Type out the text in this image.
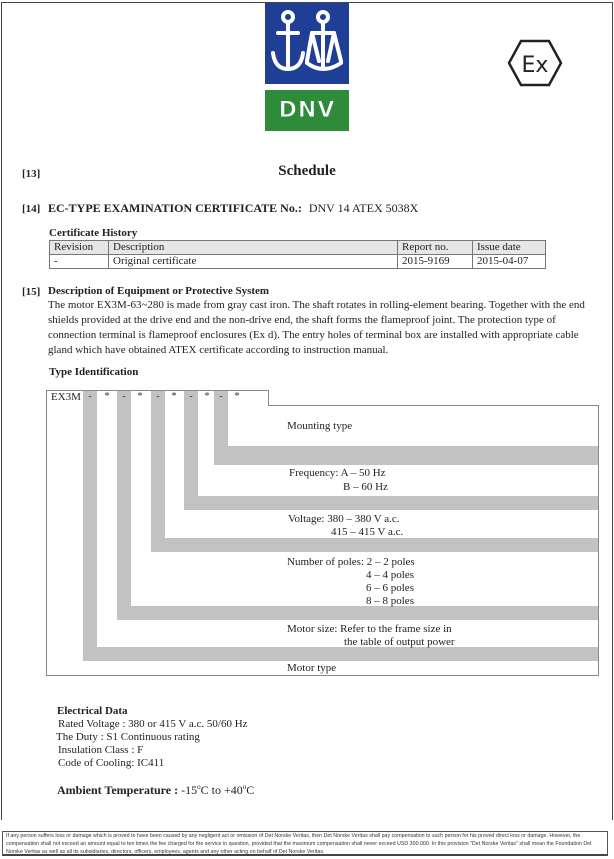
DNV
Ex
[13]	Schedule
[14] EC-TYPE EXAMINATION CERTIFICATE No.: DNV 14 ATEX 5038X
Certificate History
Revision	Description	Report no.	Issue date
-	Original certificate	2015-9169	2015-04-07
[15] Description of Equipment or Protective System
The motor EX3M-63~280 is made from gray cast iron. The shaft rotates in rolling-element bearing. Together with the end shields provided at the drive end and the non-drive end, the shaft forms the flameproof joint. The protection type of connection terminal is flameproof enclosures (Ex d). The entry holes of terminal box are installed with appropriate cable gland which have obtained ATEX certificate according to instruction manual.
Type Identification
EX3M -	*	-	*	-	*	-	* -	*
Mounting type
Frequency: A – 50 Hz
B – 60 Hz
Voltage: 380 – 380 V a.c.
415 – 415 V a.c.
Number of poles: 2 – 2 poles
4 – 4 poles
6 – 6 poles
8 – 8 poles
Motor size: Refer to the frame size in
the table of output power
Motor type
Electrical Data
Rated Voltage : 380 or 415 V a.c. 50/60 Hz
The Duty : S1 Continuous rating
Insulation Class : F
Code of Cooling: IC411
Ambient Temperature : -15$^o$C to $+40^oC$
If any person suffers loss or damage which is proved to have been caused by any negligent act or omission of Det Norske Veritas, then Det Norske Veritas shall pay compensation to such person for his proved direct loss or damage. However, the compensation shall not exceed an amount equal to ten times the fee charged for the service in question, provided that the maximum compensation shall never exceed USD 300.000. In this provision "Det Norske Veritas" shall mean the Foundation Det Norske Veritas as well as all its subsidiaries, directors, officers, employees, agents and any other acting on behalf of Det Norske Veritas.
